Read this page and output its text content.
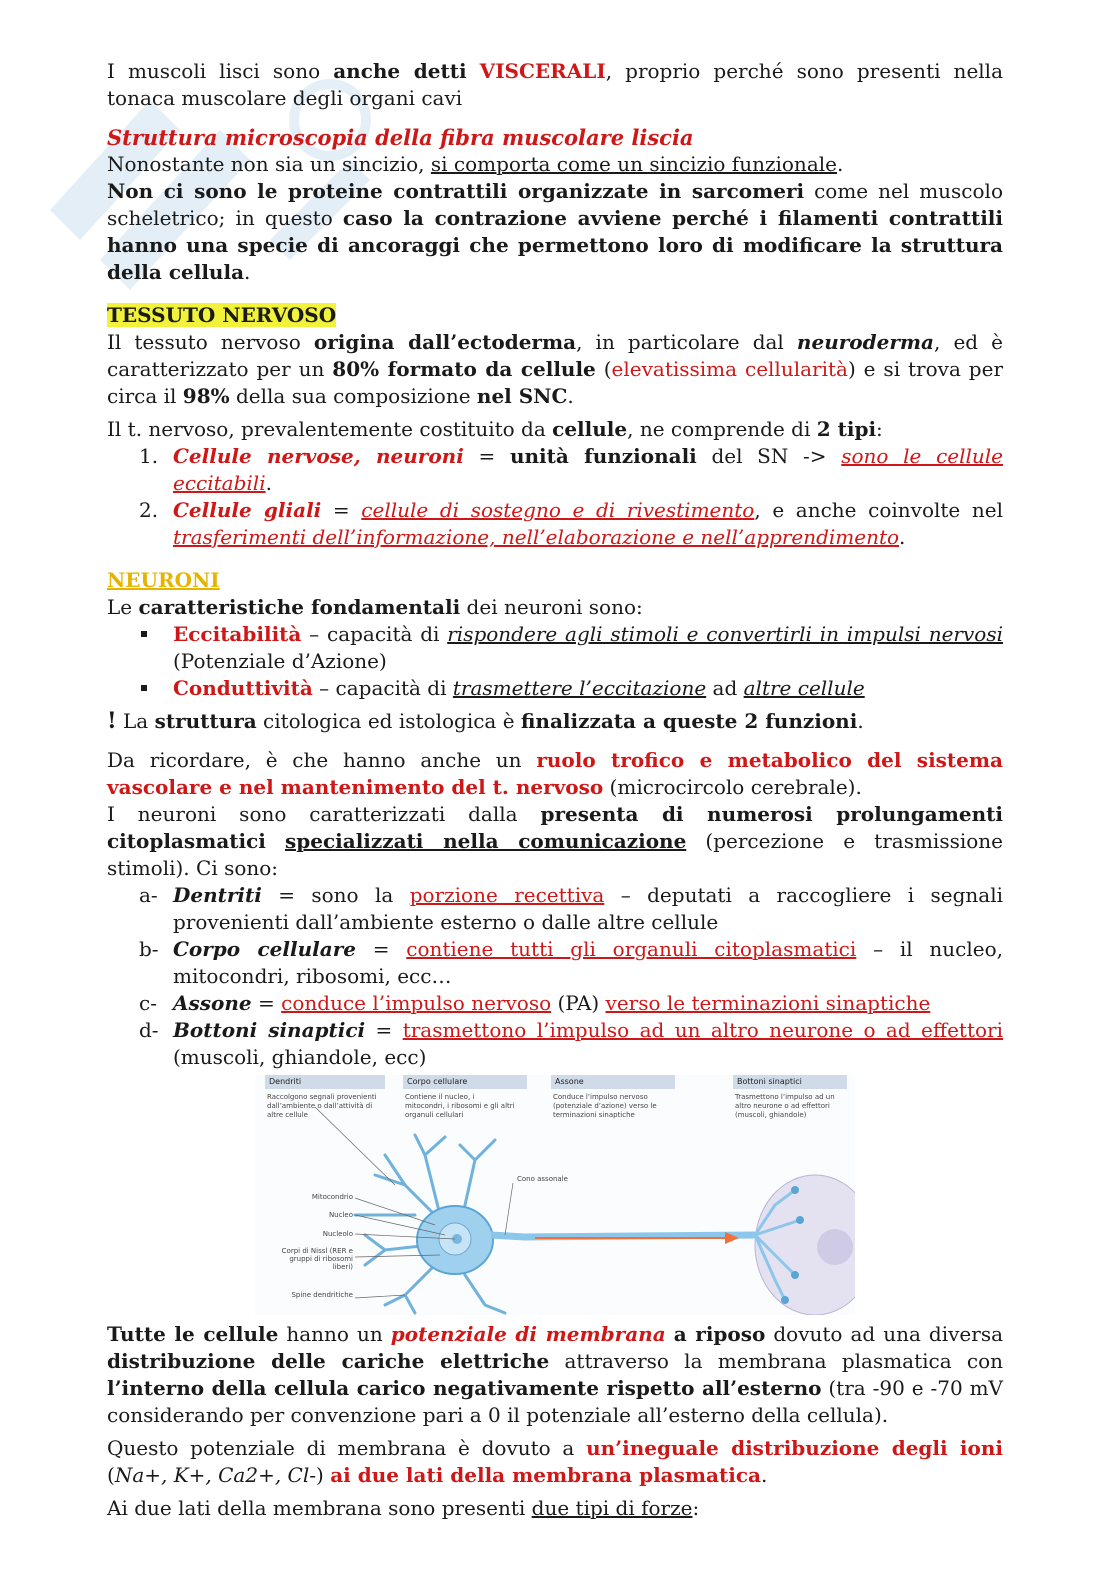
I muscoli lisci sono anche detti VISCERALI, proprio perché sono presenti nella tonaca muscolare degli organi cavi

Struttura microscopia della fibra muscolare liscia

Nonostante non sia un sincizio, si comporta come un sincizio funzionale.

Non ci sono le proteine contrattili organizzate in sarcomeri come nel muscolo scheletrico; in questo caso la contrazione avviene perché i filamenti contrattili hanno una specie di ancoraggi che permettono loro di modificare la struttura della cellula.

TESSUTO NERVOSO

Il tessuto nervoso origina dall’ectoderma, in particolare dal neuroderma, ed è caratterizzato per un 80% formato da cellule (elevatissima cellularità) e si trova per circa il 98% della sua composizione nel SNC.

Il t. nervoso, prevalentemente costituito da cellule, ne comprende di 2 tipi:

1. Cellule nervose, neuroni = unità funzionali del SN -> sono le cellule eccitabili.
2. Cellule gliali = cellule di sostegno e di rivestimento, e anche coinvolte nel trasferimenti dell’informazione, nell’elaborazione e nell’apprendimento.

NEURONI

Le caratteristiche fondamentali dei neuroni sono:

Eccitabilità – capacità di rispondere agli stimoli e convertirli in impulsi nervosi (Potenziale d’Azione)
Conduttività – capacità di trasmettere l’eccitazione ad altre cellule

! La struttura citologica ed istologica è finalizzata a queste 2 funzioni.

Da ricordare, è che hanno anche un ruolo trofico e metabolico del sistema vascolare e nel mantenimento del t. nervoso (microcircolo cerebrale).

I neuroni sono caratterizzati dalla presenta di numerosi prolungamenti citoplasmatici specializzati nella comunicazione (percezione e trasmissione stimoli). Ci sono:

a- Dentriti = sono la porzione recettiva – deputati a raccogliere i segnali provenienti dall’ambiente esterno o dalle altre cellule
b- Corpo cellulare = contiene tutti gli organuli citoplasmatici – il nucleo, mitocondri, ribosomi, ecc…
c- Assone = conduce l’impulso nervoso (PA) verso le terminazioni sinaptiche
d- Bottoni sinaptici = trasmettono l’impulso ad un altro neurone o ad effettori (muscoli, ghiandole, ecc)
Dendriti
Raccolgono segnali provenienti dall’ambiente o dall’attività di altre cellule
Corpo cellulare
Contiene il nucleo, i mitocondri, i ribosomi e gli altri organuli cellulari
Assone
Conduce l’impulso nervoso (potenziale d’azione) verso le terminazioni sinaptiche
Bottoni sinaptici
Trasmettono l’impulso ad un altro neurone o ad effettori (muscoli, ghiandole)
Mitocondrio
Nucleo
Nucleolo
Corpi di Nissl (RER e gruppi di ribosomi liberi)
Spine dendritiche
Cono assonale

Tutte le cellule hanno un potenziale di membrana a riposo dovuto ad una diversa distribuzione delle cariche elettriche attraverso la membrana plasmatica con l’interno della cellula carico negativamente rispetto all’esterno (tra -90 e -70 mV considerando per convenzione pari a 0 il potenziale all’esterno della cellula).

Questo potenziale di membrana è dovuto a un’ineguale distribuzione degli ioni (Na+, K+, Ca2+, Cl-) ai due lati della membrana plasmatica.

Ai due lati della membrana sono presenti due tipi di forze:
